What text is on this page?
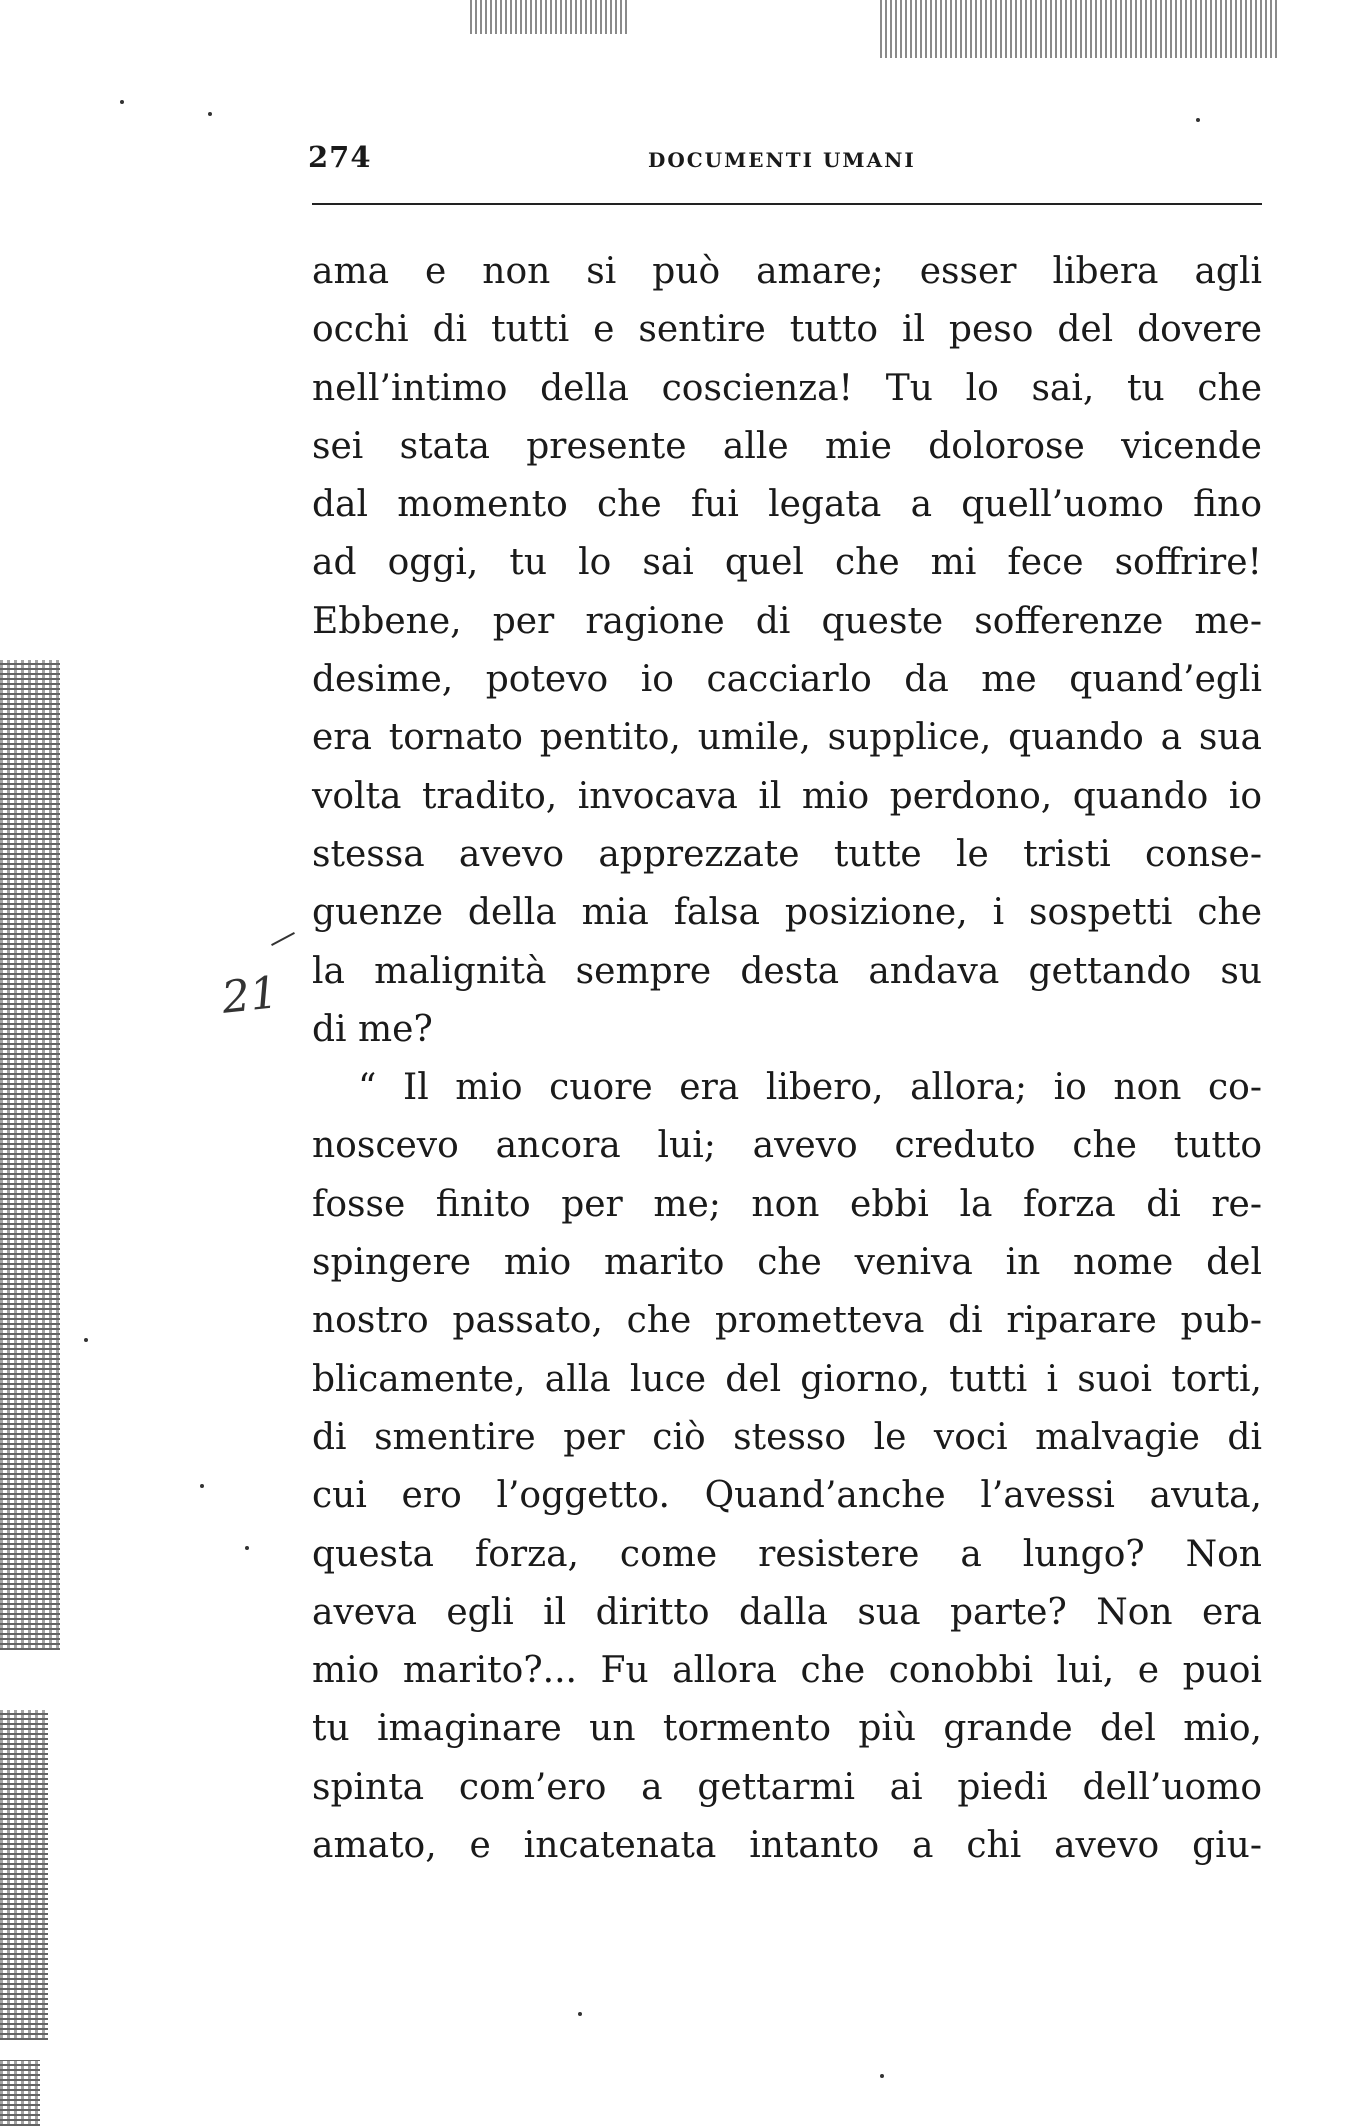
274	DOCUMENTI UMANI
21
ama e non si può amare; esser libera agli
occhi di tutti e sentire tutto il peso del dovere
nell’intimo della coscienza! Tu lo sai, tu che
sei stata presente alle mie dolorose vicende
dal momento che fui legata a quell’uomo fino
ad oggi, tu lo sai quel che mi fece soffrire!
Ebbene, per ragione di queste sofferenze me-
desime, potevo io cacciarlo da me quand’egli
era tornato pentito, umile, supplice, quando a sua
volta tradito, invocava il mio perdono, quando io
stessa avevo apprezzate tutte le tristi conse-
guenze della mia falsa posizione, i sospetti che
la malignità sempre desta andava gettando su
di me?
“ Il mio cuore era libero, allora; io non co-
noscevo ancora lui; avevo creduto che tutto
fosse finito per me; non ebbi la forza di re-
spingere mio marito che veniva in nome del
nostro passato, che prometteva di riparare pub-
blicamente, alla luce del giorno, tutti i suoi torti,
di smentire per ciò stesso le voci malvagie di
cui ero l’oggetto. Quand’anche l’avessi avuta,
questa forza, come resistere a lungo? Non
aveva egli il diritto dalla sua parte? Non era
mio marito?... Fu allora che conobbi lui, e puoi
tu imaginare un tormento più grande del mio,
spinta com’ero a gettarmi ai piedi dell’uomo
amato, e incatenata intanto a chi avevo giu-
